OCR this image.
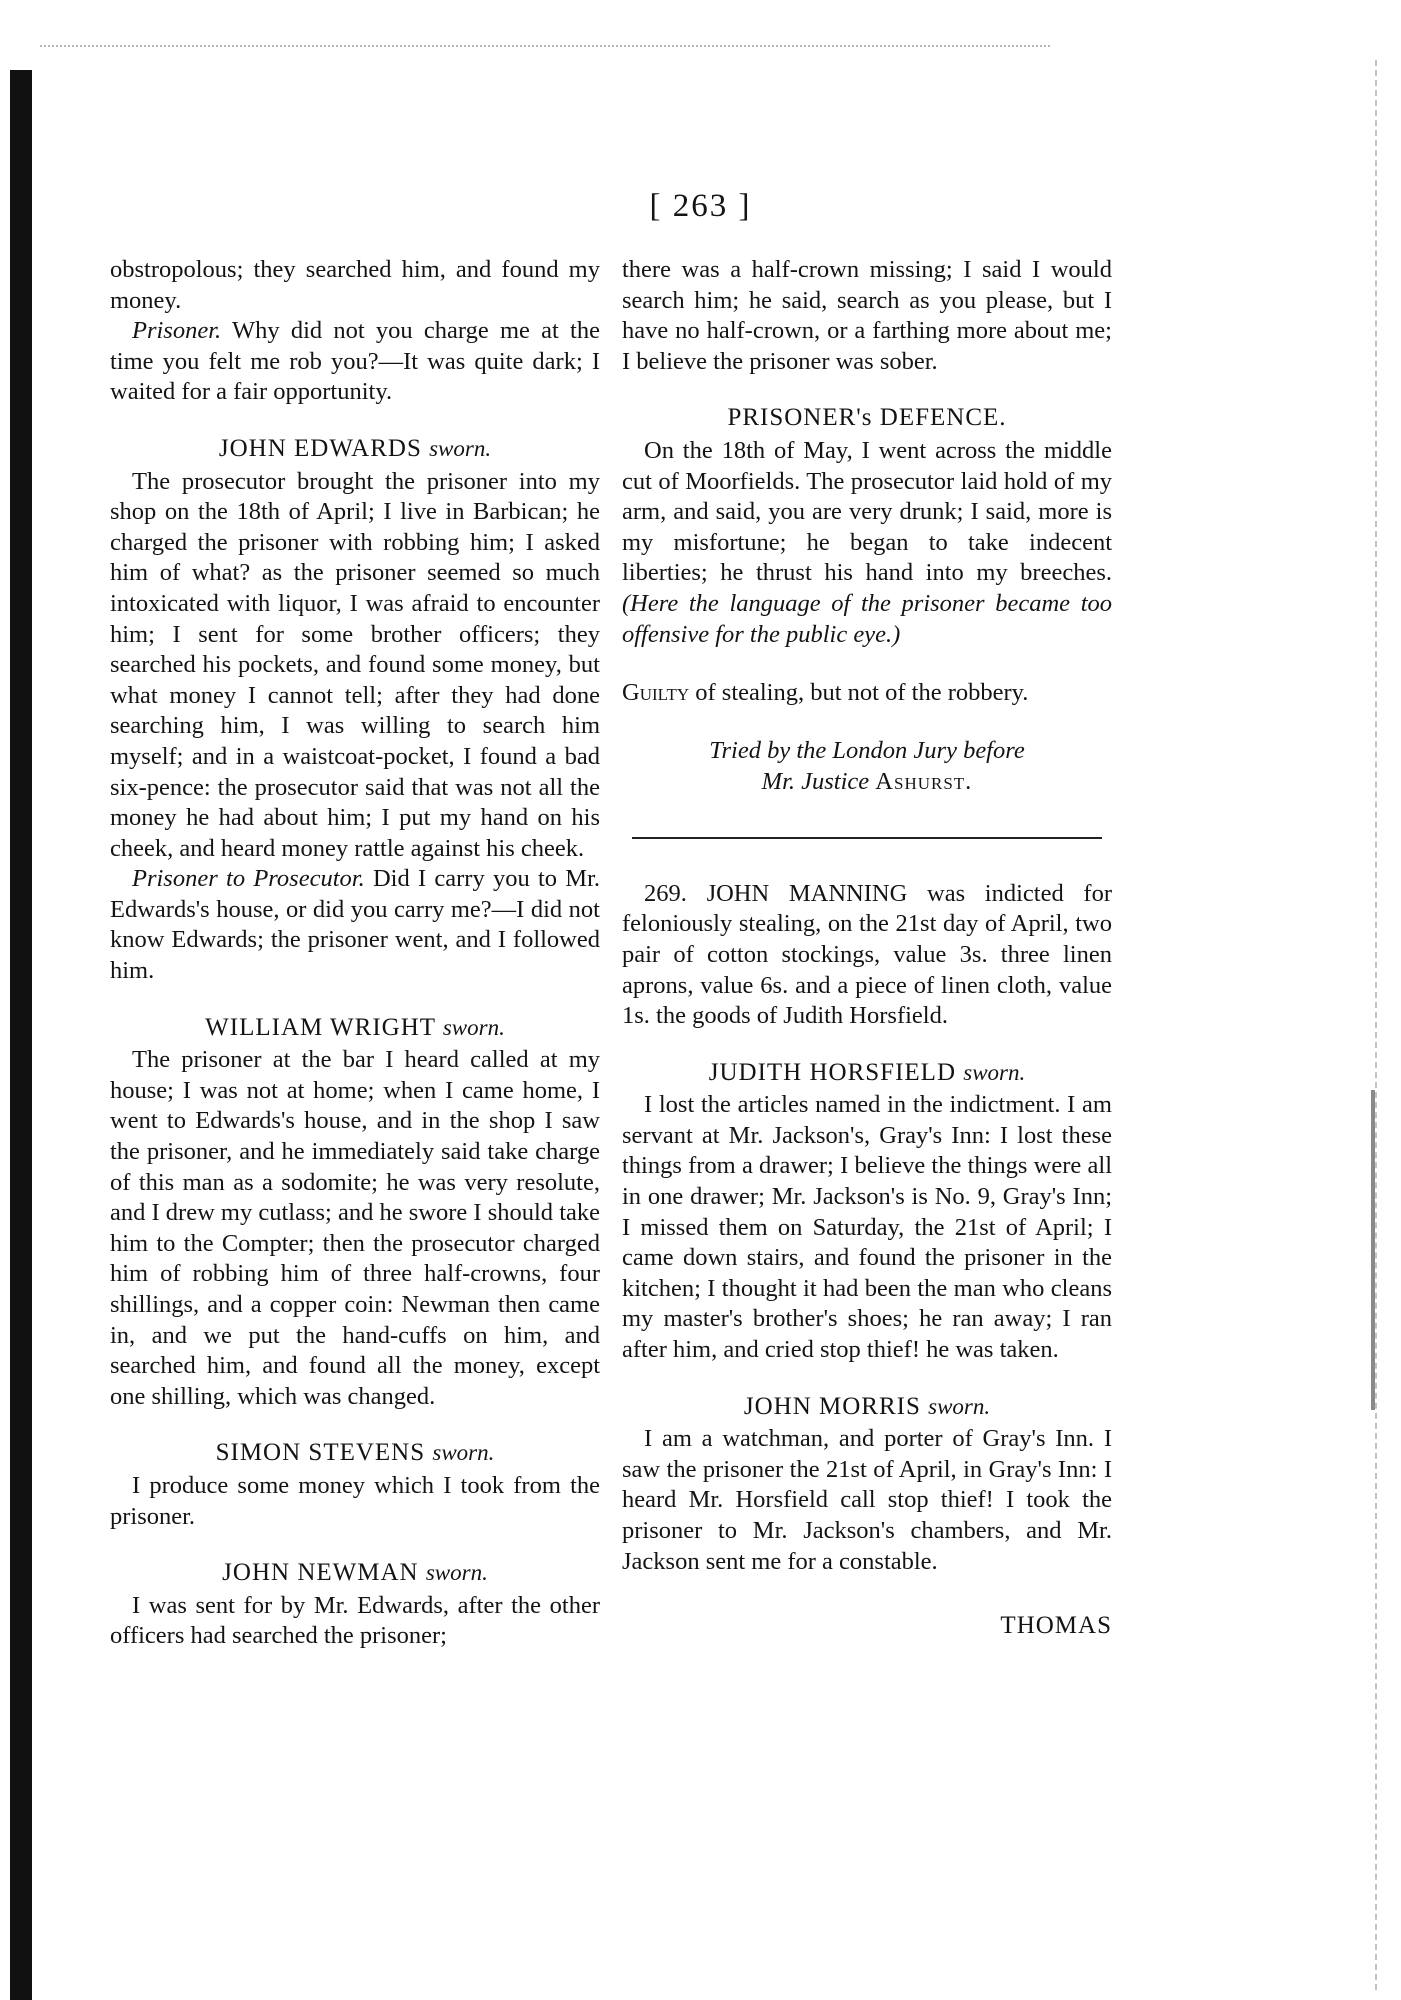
[ 263 ]

obstropolous; they searched him, and found my money.

Prisoner. Why did not you charge me at the time you felt me rob you?—It was quite dark; I waited for a fair opportunity.

JOHN EDWARDS sworn.

The prosecutor brought the prisoner into my shop on the 18th of April; I live in Barbican; he charged the prisoner with robbing him; I asked him of what? as the prisoner seemed so much intoxicated with liquor, I was afraid to encounter him; I sent for some brother officers; they searched his pockets, and found some money, but what money I cannot tell; after they had done searching him, I was willing to search him myself; and in a waistcoat-pocket, I found a bad six-pence: the prosecutor said that was not all the money he had about him; I put my hand on his cheek, and heard money rattle against his cheek.

Prisoner to Prosecutor. Did I carry you to Mr. Edwards's house, or did you carry me?—I did not know Edwards; the prisoner went, and I followed him.

WILLIAM WRIGHT sworn.

The prisoner at the bar I heard called at my house; I was not at home; when I came home, I went to Edwards's house, and in the shop I saw the prisoner, and he immediately said take charge of this man as a sodomite; he was very resolute, and I drew my cutlass; and he swore I should take him to the Compter; then the prosecutor charged him of robbing him of three half-crowns, four shillings, and a copper coin: Newman then came in, and we put the hand-cuffs on him, and searched him, and found all the money, except one shilling, which was changed.

SIMON STEVENS sworn.

I produce some money which I took from the prisoner.

JOHN NEWMAN sworn.

I was sent for by Mr. Edwards, after the other officers had searched the prisoner;

there was a half-crown missing; I said I would search him; he said, search as you please, but I have no half-crown, or a farthing more about me; I believe the prisoner was sober.

PRISONER's DEFENCE.

On the 18th of May, I went across the middle cut of Moorfields. The prosecutor laid hold of my arm, and said, you are very drunk; I said, more is my misfortune; he began to take indecent liberties; he thrust his hand into my breeches. (Here the language of the prisoner became too offensive for the public eye.)

Guilty of stealing, but not of the robbery.

Tried by the London Jury before
Mr. Justice Ashurst.

269. JOHN MANNING was indicted for feloniously stealing, on the 21st day of April, two pair of cotton stockings, value 3s. three linen aprons, value 6s. and a piece of linen cloth, value 1s. the goods of Judith Horsfield.

JUDITH HORSFIELD sworn.

I lost the articles named in the indictment. I am servant at Mr. Jackson's, Gray's Inn: I lost these things from a drawer; I believe the things were all in one drawer; Mr. Jackson's is No. 9, Gray's Inn; I missed them on Saturday, the 21st of April; I came down stairs, and found the prisoner in the kitchen; I thought it had been the man who cleans my master's brother's shoes; he ran away; I ran after him, and cried stop thief! he was taken.

JOHN MORRIS sworn.

I am a watchman, and porter of Gray's Inn. I saw the prisoner the 21st of April, in Gray's Inn: I heard Mr. Horsfield call stop thief! I took the prisoner to Mr. Jackson's chambers, and Mr. Jackson sent me for a constable.

THOMAS
